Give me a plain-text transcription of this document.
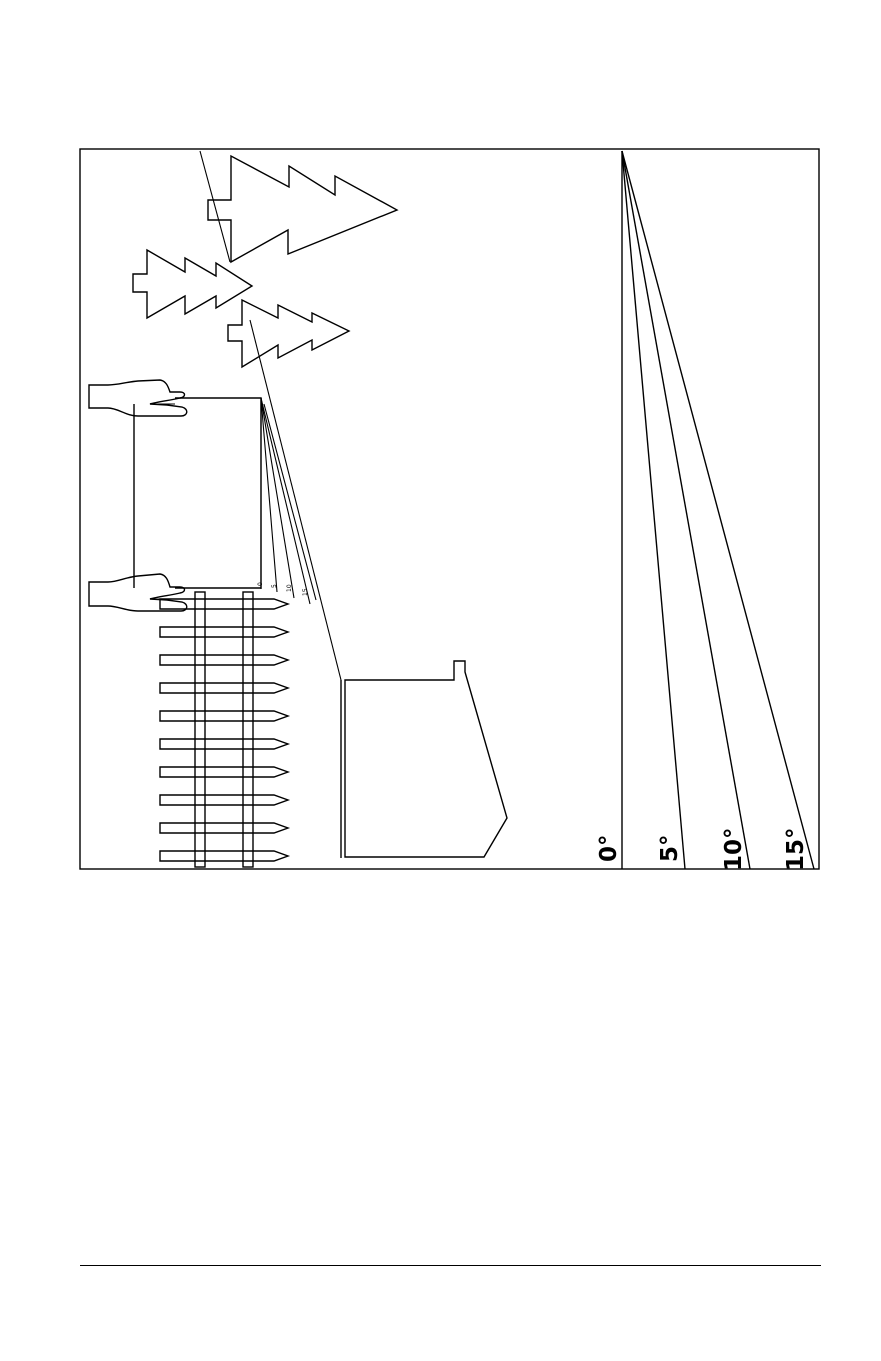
0° 5° 10° 15°
0
5 10
15
